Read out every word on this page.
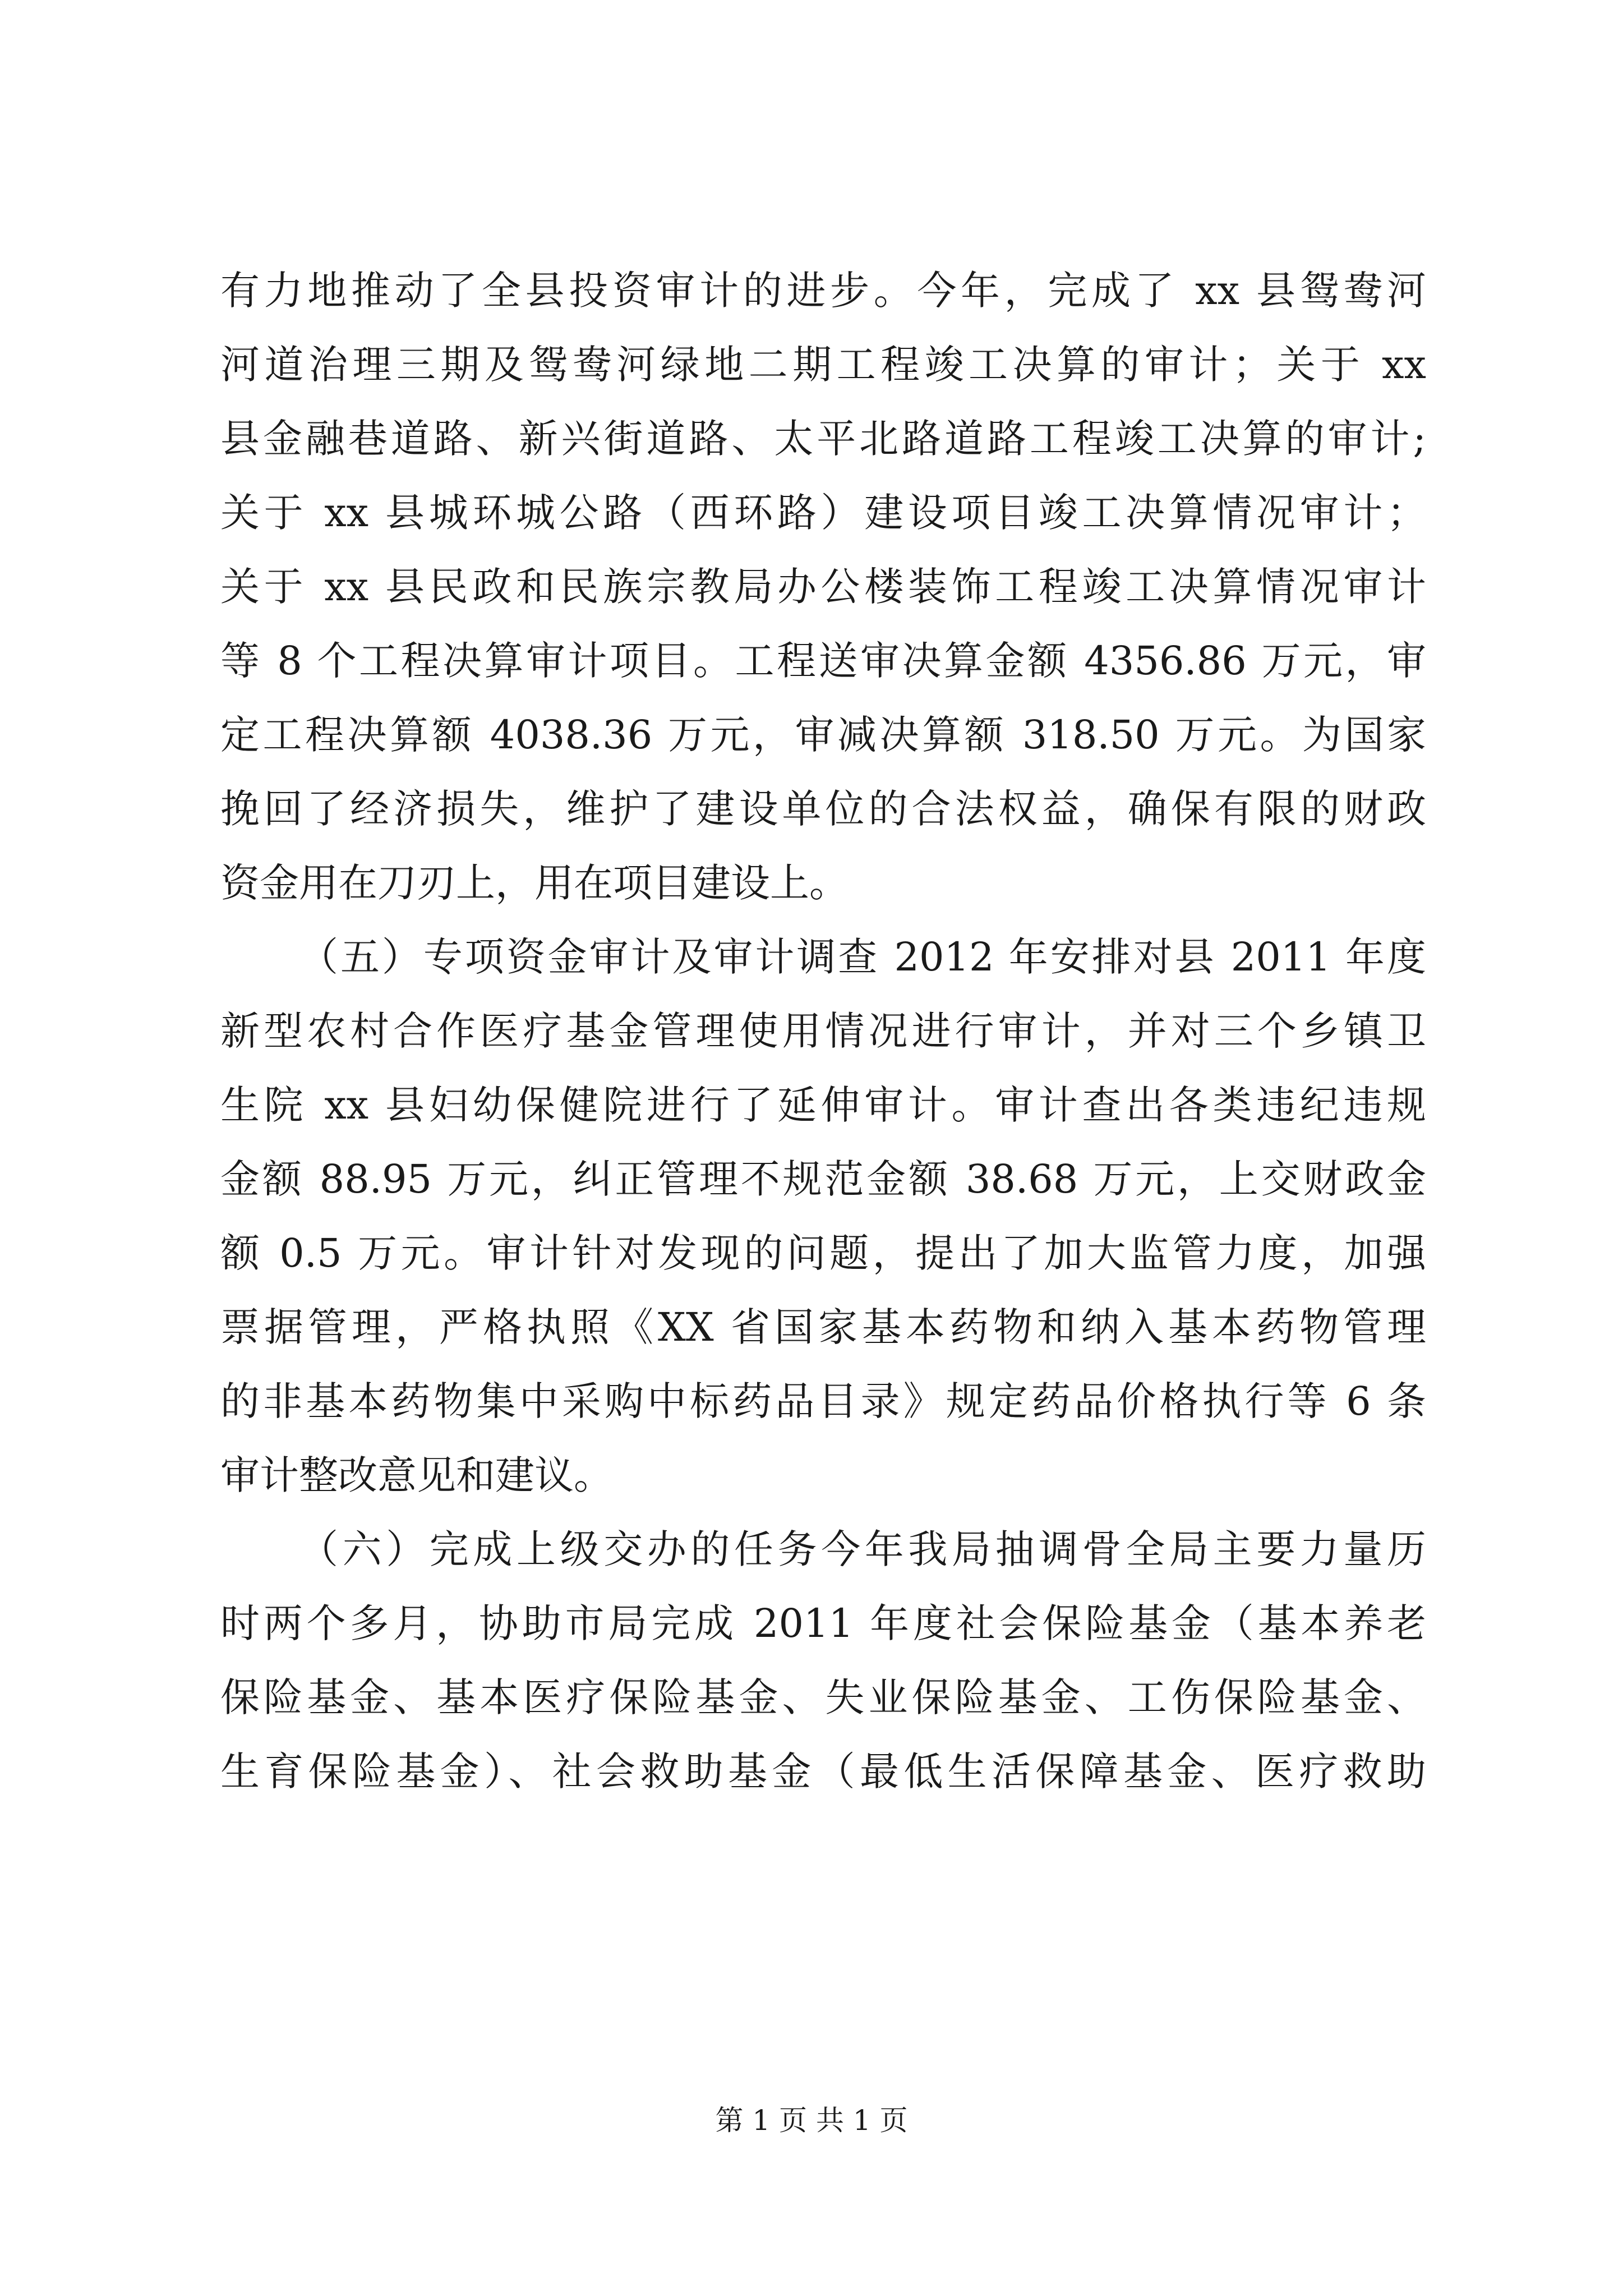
有力地推动了全县投资审计的进步。今年，完成了 xx 县鸳鸯河
河道治理三期及鸳鸯河绿地二期工程竣工决算的审计；关于 xx
县金融巷道路、新兴街道路、太平北路道路工程竣工决算的审计;
关于 xx 县城环城公路（西环路）建设项目竣工决算情况审计；
关于 xx 县民政和民族宗教局办公楼装饰工程竣工决算情况审计
等 8 个工程决算审计项目。工程送审决算金额 4356.86 万元，审
定工程决算额 4038.36 万元，审减决算额 318.50 万元。为国家
挽回了经济损失，维护了建设单位的合法权益，确保有限的财政
资金用在刀刃上，用在项目建设上。
（五）专项资金审计及审计调查 2012 年安排对县 2011 年度
新型农村合作医疗基金管理使用情况进行审计，并对三个乡镇卫
生院 xx 县妇幼保健院进行了延伸审计。审计查出各类违纪违规
金额 88.95 万元，纠正管理不规范金额 38.68 万元，上交财政金
额 0.5 万元。审计针对发现的问题，提出了加大监管力度，加强
票据管理，严格执照《XX 省国家基本药物和纳入基本药物管理
的非基本药物集中采购中标药品目录》规定药品价格执行等 6 条
审计整改意见和建议。
（六）完成上级交办的任务今年我局抽调骨全局主要力量历
时两个多月，协助市局完成 2011 年度社会保险基金（基本养老
保险基金、基本医疗保险基金、失业保险基金、工伤保险基金、
生育保险基金）、社会救助基金（最低生活保障基金、医疗救助
第 1 页 共 1 页
